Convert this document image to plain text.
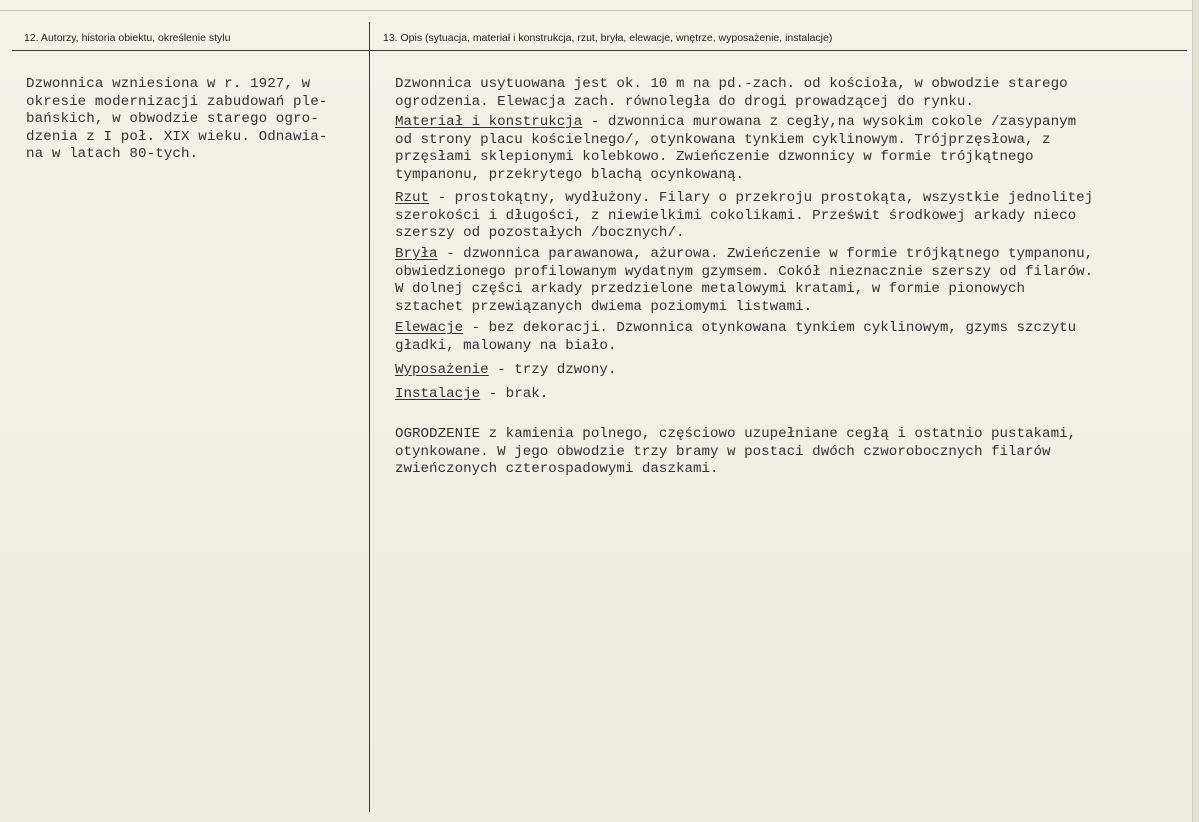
12. Autorzy, historia obiektu, określenie stylu	13. Opis (sytuacja, materiał i konstrukcja, rzut, bryła, elewacje, wnętrze, wyposażenie, instalacje)
Dzwonnica wzniesiona w r. 1927, w
okresie modernizacji zabudowań ple-
bańskich, w obwodzie starego ogro-
dzenia z I poł. XIX wieku. Odnawia-
na w latach 80-tych.
Dzwonnica usytuowana jest ok. 10 m na pd.-zach. od kościoła, w obwodzie starego
ogrodzenia. Elewacja zach. równoległa do drogi prowadzącej do rynku.
Materiał i konstrukcja - dzwonnica murowana z cegły,na wysokim cokole /zasypanym
od strony placu kościelnego/, otynkowana tynkiem cyklinowym. Trójprzęsłowa, z
przęsłami sklepionymi kolebkowo. Zwieńczenie dzwonnicy w formie trójkątnego
tympanonu, przekrytego blachą ocynkowaną.
Rzut - prostokątny, wydłużony. Filary o przekroju prostokąta, wszystkie jednolitej
szerokości i długości, z niewielkimi cokolikami. Prześwit środkowej arkady nieco
szerszy od pozostałych /bocznych/.
Bryła - dzwonnica parawanowa, ażurowa. Zwieńczenie w formie trójkątnego tympanonu,
obwiedzionego profilowanym wydatnym gzymsem. Cokół nieznacznie szerszy od filarów.
W dolnej części arkady przedzielone metalowymi kratami, w formie pionowych
sztachet przewiązanych dwiema poziomymi listwami.
Elewacje - bez dekoracji. Dzwonnica otynkowana tynkiem cyklinowym, gzyms szczytu
gładki, malowany na biało.
Wyposażenie - trzy dzwony.
Instalacje - brak.
OGRODZENIE z kamienia polnego, częściowo uzupełniane cegłą i ostatnio pustakami,
otynkowane. W jego obwodzie trzy bramy w postaci dwóch czworobocznych filarów
zwieńczonych czterospadowymi daszkami.
